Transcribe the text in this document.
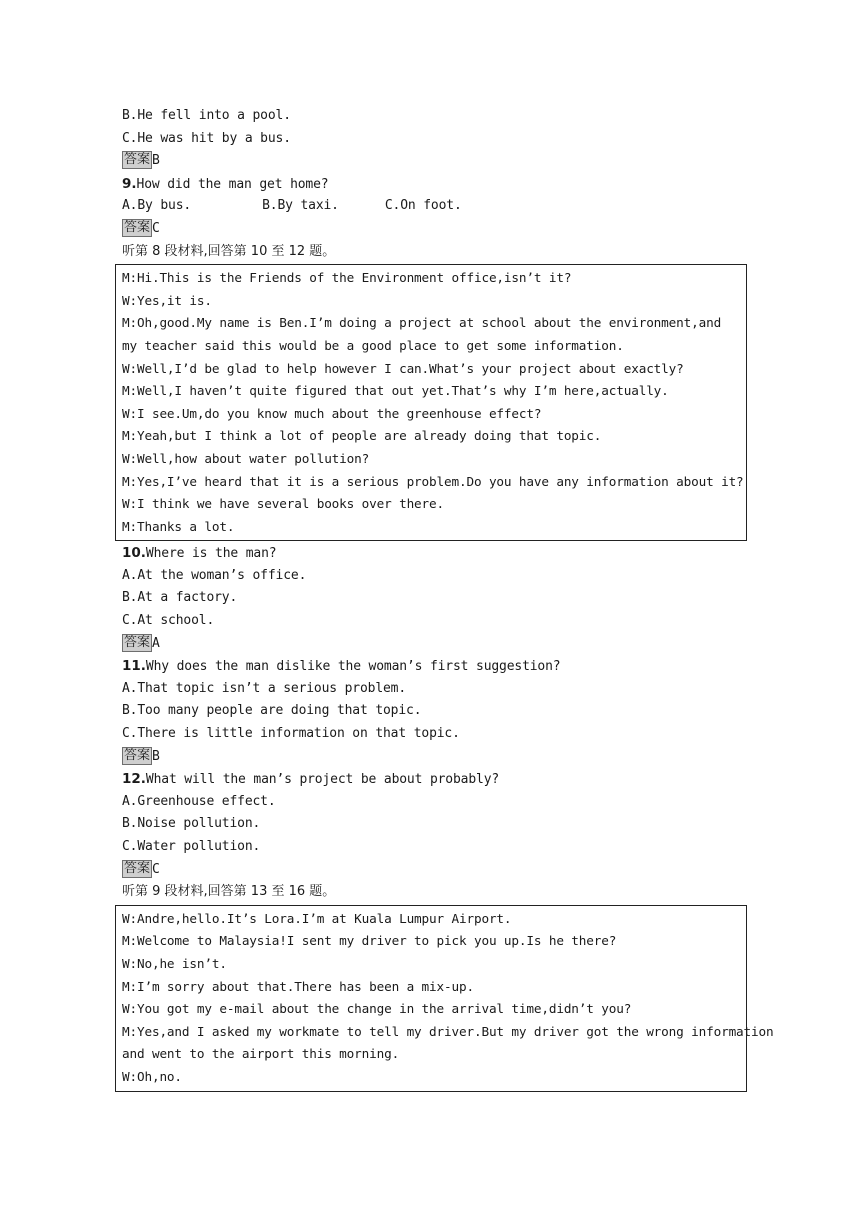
B.He fell into a pool.
C.He was hit by a bus.
答案 B
9.How did the man get home?
A.By bus.	B.By taxi.	C.On foot.
答案 C
听第 8 段材料,回答第 10 至 12 题。
M:Hi.This is the Friends of the Environment office,isn’t it?
W:Yes,it is.
M:Oh,good.My name is Ben.I’m doing a project at school about the environment,and
my teacher said this would be a good place to get some information.
W:Well,I’d be glad to help however I can.What’s your project about exactly?
M:Well,I haven’t quite figured that out yet.That’s why I’m here,actually.
W:I see.Um,do you know much about the greenhouse effect?
M:Yeah,but I think a lot of people are already doing that topic.
W:Well,how about water pollution?
M:Yes,I’ve heard that it is a serious problem.Do you have any information about it?
W:I think we have several books over there.
M:Thanks a lot.
10.Where is the man?
A.At the woman’s office.
B.At a factory.
C.At school.
答案 A
11.Why does the man dislike the woman’s first suggestion?
A.That topic isn’t a serious problem.
B.Too many people are doing that topic.
C.There is little information on that topic.
答案 B
12.What will the man’s project be about probably?
A.Greenhouse effect.
B.Noise pollution.
C.Water pollution.
答案 C
听第 9 段材料,回答第 13 至 16 题。
W:Andre,hello.It’s Lora.I’m at Kuala Lumpur Airport.
M:Welcome to Malaysia!I sent my driver to pick you up.Is he there?
W:No,he isn’t.
M:I’m sorry about that.There has been a mix-up.
W:You got my e-mail about the change in the arrival time,didn’t you?
M:Yes,and I asked my workmate to tell my driver.But my driver got the wrong information
and went to the airport this morning.
W:Oh,no.
